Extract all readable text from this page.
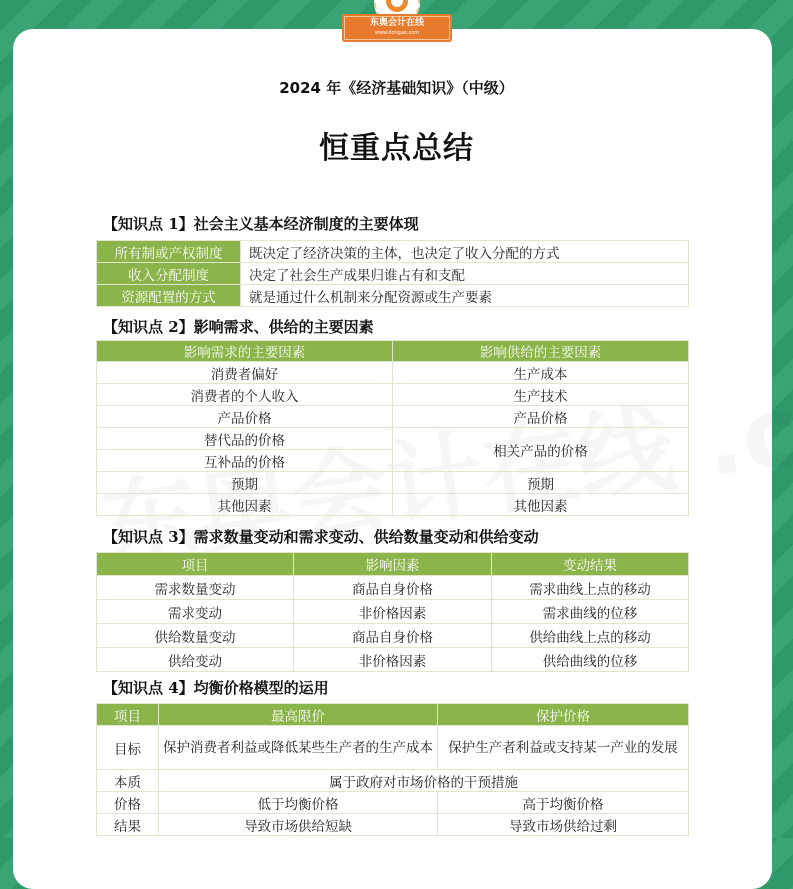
东奥会计在线
www.dongao.com
2024 年《经济基础知识》（中级）
恒重点总结
【知识点 1】社会主义基本经济制度的主要体现
所有制或产权制度	既决定了经济决策的主体，也决定了收入分配的方式
收入分配制度	决定了社会生产成果归谁占有和支配
资源配置的方式	就是通过什么机制来分配资源或生产要素
【知识点 2】影响需求、供给的主要因素
影响需求的主要因素	影响供给的主要因素
消费者偏好	生产成本
消费者的个人收入	生产技术
产品价格	产品价格
替代品的价格	相关产品的价格
互补品的价格	
预期	预期
其他因素	其他因素
【知识点 3】需求数量变动和需求变动、供给数量变动和供给变动
项目	影响因素	变动结果
需求数量变动	商品自身价格	需求曲线上点的移动
需求变动	非价格因素	需求曲线的位移
供给数量变动	商品自身价格	供给曲线上点的移动
供给变动	非价格因素	供给曲线的位移
【知识点 4】均衡价格模型的运用
项目	最高限价	保护价格
目标	保护消费者利益或降低某些生产者的生产成本	保护生产者利益或支持某一产业的发展
本质	属于政府对市场价格的干预措施	
价格	低于均衡价格	高于均衡价格
结果	导致市场供给短缺	导致市场供给过剩
